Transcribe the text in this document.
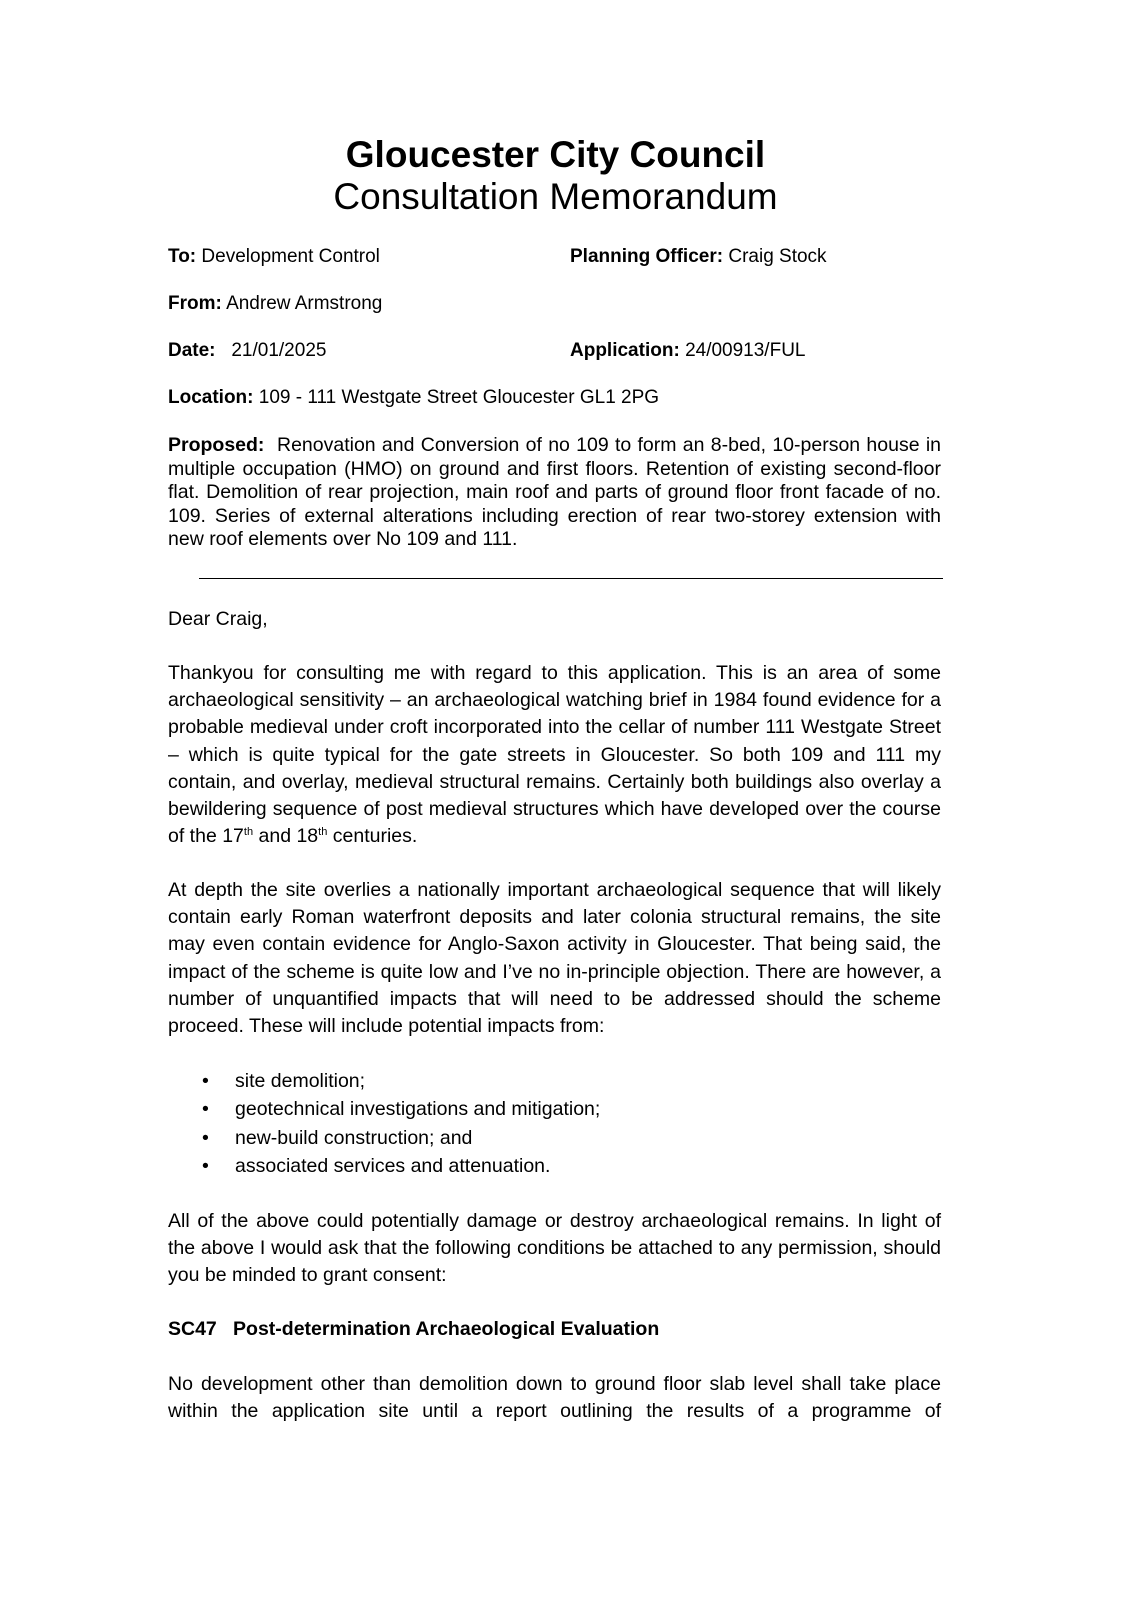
Gloucester City Council
Consultation Memorandum
To: Development Control	Planning Officer: Craig Stock
From: Andrew Armstrong
Date: 21/01/2025	Application: 24/00913/FUL
Location: 109 - 111 Westgate Street Gloucester GL1 2PG
Proposed: Renovation and Conversion of no 109 to form an 8-bed, 10-person house in multiple occupation (HMO) on ground and first floors. Retention of existing second-floor flat. Demolition of rear projection, main roof and parts of ground floor front facade of no. 109. Series of external alterations including erection of rear two-storey extension with new roof elements over No 109 and 111.
Dear Craig,
Thankyou for consulting me with regard to this application. This is an area of some archaeological sensitivity – an archaeological watching brief in 1984 found evidence for a probable medieval under croft incorporated into the cellar of number 111 Westgate Street – which is quite typical for the gate streets in Gloucester. So both 109 and 111 my contain, and overlay, medieval structural remains. Certainly both buildings also overlay a bewildering sequence of post medieval structures which have developed over the course of the 17th and 18th centuries.
At depth the site overlies a nationally important archaeological sequence that will likely contain early Roman waterfront deposits and later colonia structural remains, the site may even contain evidence for Anglo-Saxon activity in Gloucester. That being said, the impact of the scheme is quite low and I’ve no in-principle objection. There are however, a number of unquantified impacts that will need to be addressed should the scheme proceed. These will include potential impacts from:
• site demolition;
• geotechnical investigations and mitigation;
• new-build construction; and
• associated services and attenuation.
All of the above could potentially damage or destroy archaeological remains. In light of the above I would ask that the following conditions be attached to any permission, should you be minded to grant consent:
SC47 Post-determination Archaeological Evaluation
No development other than demolition down to ground floor slab level shall take place within the application site until a report outlining the results of a programme of
